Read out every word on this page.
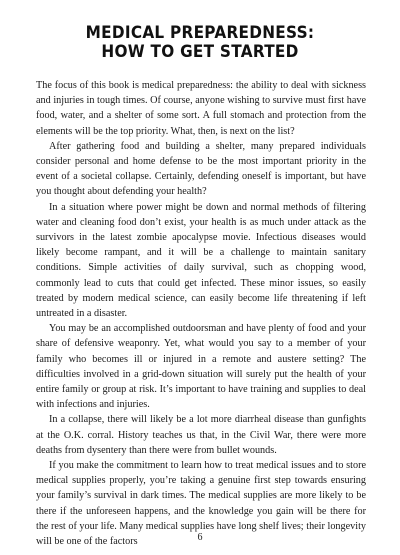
MEDICAL PREPAREDNESS:
HOW TO GET STARTED

The focus of this book is medical preparedness: the ability to deal with sickness and injuries in tough times. Of course, anyone wishing to survive must first have food, water, and a shelter of some sort. A full stomach and protection from the elements will be the top priority. What, then, is next on the list?

After gathering food and building a shelter, many prepared individuals consider personal and home defense to be the most important priority in the event of a societal collapse. Certainly, defending oneself is important, but have you thought about defending your health?

In a situation where power might be down and normal methods of filtering water and cleaning food don’t exist, your health is as much under attack as the survivors in the latest zombie apocalypse movie. Infectious diseases would likely become rampant, and it will be a challenge to maintain sanitary conditions. Simple activities of daily survival, such as chopping wood, commonly lead to cuts that could get infected. These minor issues, so easily treated by modern medical science, can easily become life threatening if left untreated in a disaster.

You may be an accomplished outdoorsman and have plenty of food and your share of defensive weaponry. Yet, what would you say to a member of your family who becomes ill or injured in a remote and austere setting? The difficulties involved in a grid-down situation will surely put the health of your entire family or group at risk. It’s important to have training and supplies to deal with infections and injuries.

In a collapse, there will likely be a lot more diarrheal disease than gunfights at the O.K. corral. History teaches us that, in the Civil War, there were more deaths from dysentery than there were from bullet wounds.

If you make the commitment to learn how to treat medical issues and to store medical supplies properly, you’re taking a genuine first step towards ensuring your family’s survival in dark times. The medical supplies are more likely to be there if the unforeseen happens, and the knowledge you gain will be there for the rest of your life. Many medical supplies have long shelf lives; their longevity will be one of the factors	6
